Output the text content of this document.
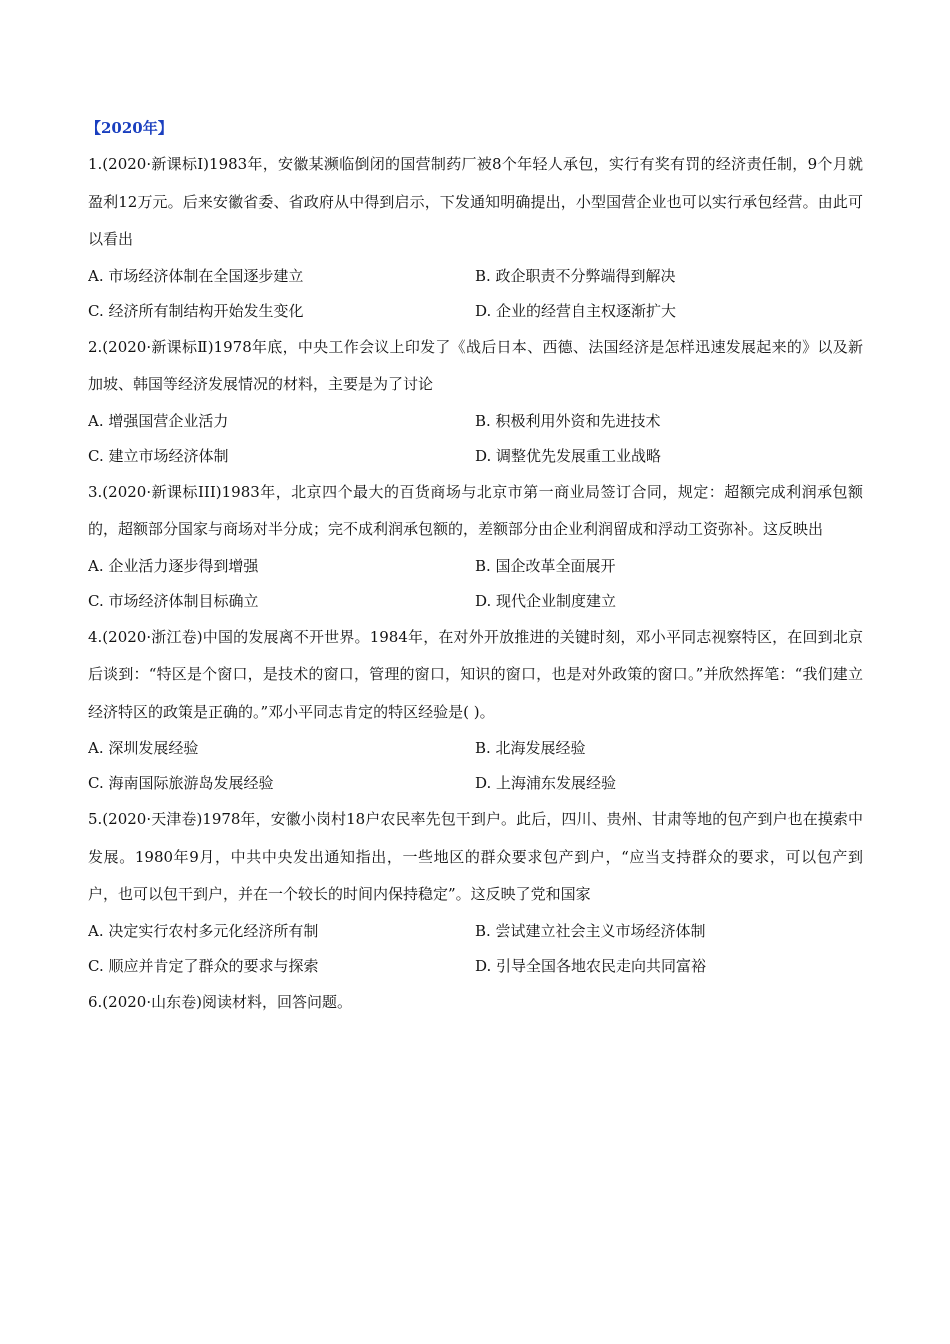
【2020年】

1.(2020·新课标I)1983年，安徽某濒临倒闭的国营制药厂被8个年轻人承包，实行有奖有罚的经济责任制，9个月就盈利12万元。后来安徽省委、省政府从中得到启示，下发通知明确提出，小型国营企业也可以实行承包经营。由此可以看出

A. 市场经济体制在全国逐步建立	B. 政企职责不分弊端得到解决
C. 经济所有制结构开始发生变化	D. 企业的经营自主权逐渐扩大

2.(2020·新课标Ⅱ)1978年底，中央工作会议上印发了《战后日本、西德、法国经济是怎样迅速发展起来的》以及新加坡、韩国等经济发展情况的材料，主要是为了讨论

A. 增强国营企业活力	B. 积极利用外资和先进技术
C. 建立市场经济体制	D. 调整优先发展重工业战略

3.(2020·新课标III)1983年，北京四个最大的百货商场与北京市第一商业局签订合同，规定：超额完成利润承包额的，超额部分国家与商场对半分成；完不成利润承包额的，差额部分由企业利润留成和浮动工资弥补。这反映出

A. 企业活力逐步得到增强	B. 国企改革全面展开
C. 市场经济体制目标确立	D. 现代企业制度建立

4.(2020·浙江卷)中国的发展离不开世界。1984年，在对外开放推进的关键时刻，邓小平同志视察特区，在回到北京后谈到：“特区是个窗口，是技术的窗口，管理的窗口，知识的窗口，也是对外政策的窗口。”并欣然挥笔：“我们建立经济特区的政策是正确的。”邓小平同志肯定的特区经验是( )。

A. 深圳发展经验	B. 北海发展经验
C. 海南国际旅游岛发展经验	D. 上海浦东发展经验

5.(2020·天津卷)1978年，安徽小岗村18户农民率先包干到户。此后，四川、贵州、甘肃等地的包产到户也在摸索中发展。1980年9月，中共中央发出通知指出，一些地区的群众要求包产到户，“应当支持群众的要求，可以包产到户，也可以包干到户，并在一个较长的时间内保持稳定”。这反映了党和国家

A. 决定实行农村多元化经济所有制	B. 尝试建立社会主义市场经济体制
C. 顺应并肯定了群众的要求与探索	D. 引导全国各地农民走向共同富裕

6.(2020·山东卷)阅读材料，回答问题。
